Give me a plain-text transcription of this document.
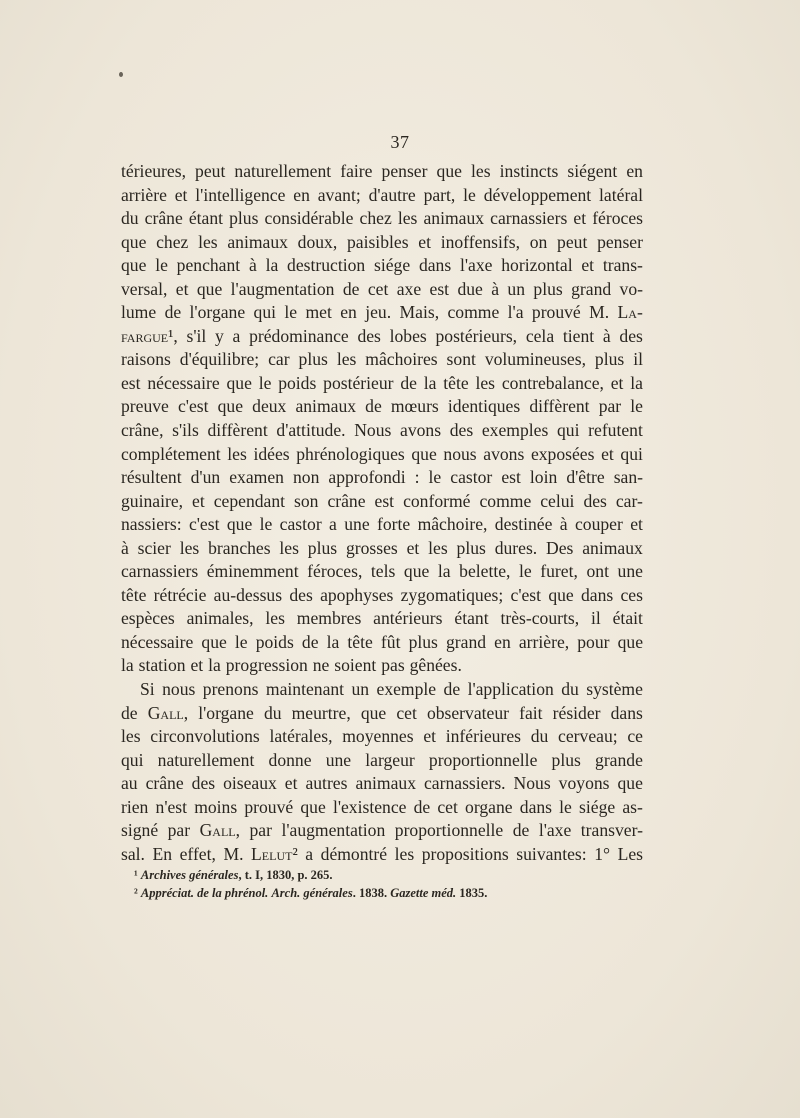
37
térieures, peut naturellement faire penser que les instincts siégent en
arrière et l'intelligence en avant; d'autre part, le développement latéral
du crâne étant plus considérable chez les animaux carnassiers et féroces
que chez les animaux doux, paisibles et inoffensifs, on peut penser
que le penchant à la destruction siége dans l'axe horizontal et trans-
versal, et que l'augmentation de cet axe est due à un plus grand vo-
lume de l'organe qui le met en jeu. Mais, comme l'a prouvé M. La-
fargue¹, s'il y a prédominance des lobes postérieurs, cela tient à des
raisons d'équilibre; car plus les mâchoires sont volumineuses, plus il
est nécessaire que le poids postérieur de la tête les contrebalance, et la
preuve c'est que deux animaux de mœurs identiques diffèrent par le
crâne, s'ils diffèrent d'attitude. Nous avons des exemples qui refutent
complétement les idées phrénologiques que nous avons exposées et qui
résultent d'un examen non approfondi : le castor est loin d'être san-
guinaire, et cependant son crâne est conformé comme celui des car-
nassiers: c'est que le castor a une forte mâchoire, destinée à couper et
à scier les branches les plus grosses et les plus dures. Des animaux
carnassiers éminemment féroces, tels que la belette, le furet, ont une
tête rétrécie au-dessus des apophyses zygomatiques; c'est que dans ces
espèces animales, les membres antérieurs étant très-courts, il était
nécessaire que le poids de la tête fût plus grand en arrière, pour que
la station et la progression ne soient pas gênées.
Si nous prenons maintenant un exemple de l'application du système
de Gall, l'organe du meurtre, que cet observateur fait résider dans
les circonvolutions latérales, moyennes et inférieures du cerveau; ce
qui naturellement donne une largeur proportionnelle plus grande
au crâne des oiseaux et autres animaux carnassiers. Nous voyons que
rien n'est moins prouvé que l'existence de cet organe dans le siége as-
signé par Gall, par l'augmentation proportionnelle de l'axe transver-
sal. En effet, M. Lelut² a démontré les propositions suivantes: 1° Les
¹ Archives générales, t. I, 1830, p. 265.
² Appréciat. de la phrénol. Arch. générales. 1838. Gazette méd. 1835.
